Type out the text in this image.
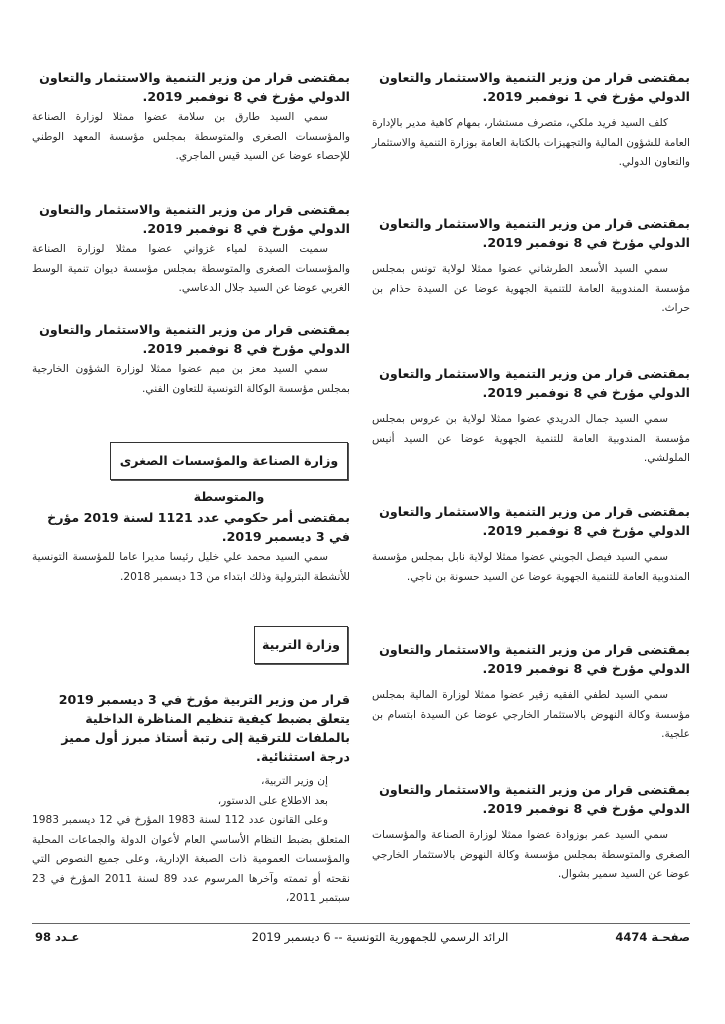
بمقتضى قرار من وزير التنمية والاستثمار والتعاون الدولي مؤرخ في 1 نوفمبر 2019.

كلف السيد فريد ملكي، متصرف مستشار، بمهام كاهية مدير بالإدارة العامة للشؤون المالية والتجهيزات بالكتابة العامة بوزارة التنمية والاستثمار والتعاون الدولي.

بمقتضى قرار من وزير التنمية والاستثمار والتعاون الدولي مؤرخ في 8 نوفمبر 2019.

سمي السيد الأسعد الطرشاني عضوا ممثلا لولاية تونس بمجلس مؤسسة المندوبية العامة للتنمية الجهوية عوضا عن السيدة حذام بن حراث.

بمقتضى قرار من وزير التنمية والاستثمار والتعاون الدولي مؤرخ في 8 نوفمبر 2019.

سمي السيد جمال الدريدي عضوا ممثلا لولاية بن عروس بمجلس مؤسسة المندوبية العامة للتنمية الجهوية عوضا عن السيد أنيس الملولشي.

بمقتضى قرار من وزير التنمية والاستثمار والتعاون الدولي مؤرخ في 8 نوفمبر 2019.

سمي السيد فيصل الجويني عضوا ممثلا لولاية نابل بمجلس مؤسسة المندوبية العامة للتنمية الجهوية عوضا عن السيد حسونة بن ناجي.

بمقتضى قرار من وزير التنمية والاستثمار والتعاون الدولي مؤرخ في 8 نوفمبر 2019.

سمي السيد لطفي الفقيه زقير عضوا ممثلا لوزارة المالية بمجلس مؤسسة وكالة النهوض بالاستثمار الخارجي عوضا عن السيدة ابتسام بن علجية.

بمقتضى قرار من وزير التنمية والاستثمار والتعاون الدولي مؤرخ في 8 نوفمبر 2019.

سمي السيد عمر بوزوادة عضوا ممثلا لوزارة الصناعة والمؤسسات الصغرى والمتوسطة بمجلس مؤسسة وكالة النهوض بالاستثمار الخارجي عوضا عن السيد سمير بشوال.

بمقتضى قرار من وزير التنمية والاستثمار والتعاون الدولي مؤرخ في 8 نوفمبر 2019.

سمي السيد طارق بن سلامة عضوا ممثلا لوزارة الصناعة والمؤسسات الصغرى والمتوسطة بمجلس مؤسسة المعهد الوطني للإحصاء عوضا عن السيد قيس الماجري.

بمقتضى قرار من وزير التنمية والاستثمار والتعاون الدولي مؤرخ في 8 نوفمبر 2019.

سميت السيدة لمياء غزواني عضوا ممثلا لوزارة الصناعة والمؤسسات الصغرى والمتوسطة بمجلس مؤسسة ديوان تنمية الوسط الغربي عوضا عن السيد جلال الدعاسي.

بمقتضى قرار من وزير التنمية والاستثمار والتعاون الدولي مؤرخ في 8 نوفمبر 2019.

سمي السيد معز بن ميم عضوا ممثلا لوزارة الشؤون الخارجية بمجلس مؤسسة الوكالة التونسية للتعاون الفني.

وزارة الصناعة والمؤسسات الصغرى والمتوسطة

بمقتضى أمر حكومي عدد 1121 لسنة 2019 مؤرخ في 3 ديسمبر 2019.

سمي السيد محمد علي خليل رئيسا مديرا عاما للمؤسسة التونسية للأنشطة البترولية وذلك ابتداء من 13 ديسمبر 2018.

وزارة التربية

قرار من وزير التربية مؤرخ في 3 ديسمبر 2019 يتعلق بضبط كيفية تنظيم المناظرة الداخلية بالملفات للترقية إلى رتبة أستاذ مبرز أول مميز درجة استثنائية.

إن وزير التربية،

بعد الاطلاع على الدستور،

وعلى القانون عدد 112 لسنة 1983 المؤرخ في 12 ديسمبر 1983 المتعلق بضبط النظام الأساسي العام لأعوان الدولة والجماعات المحلية والمؤسسات العمومية ذات الصبغة الإدارية، وعلى جميع النصوص التي نقحته أو تممته وآخرها المرسوم عدد 89 لسنة 2011 المؤرخ في 23 سبتمبر 2011،

صفحـة 4474
الرائد الرسمي للجمهورية التونسية -- 6 ديسمبر 2019
عـدد 98
